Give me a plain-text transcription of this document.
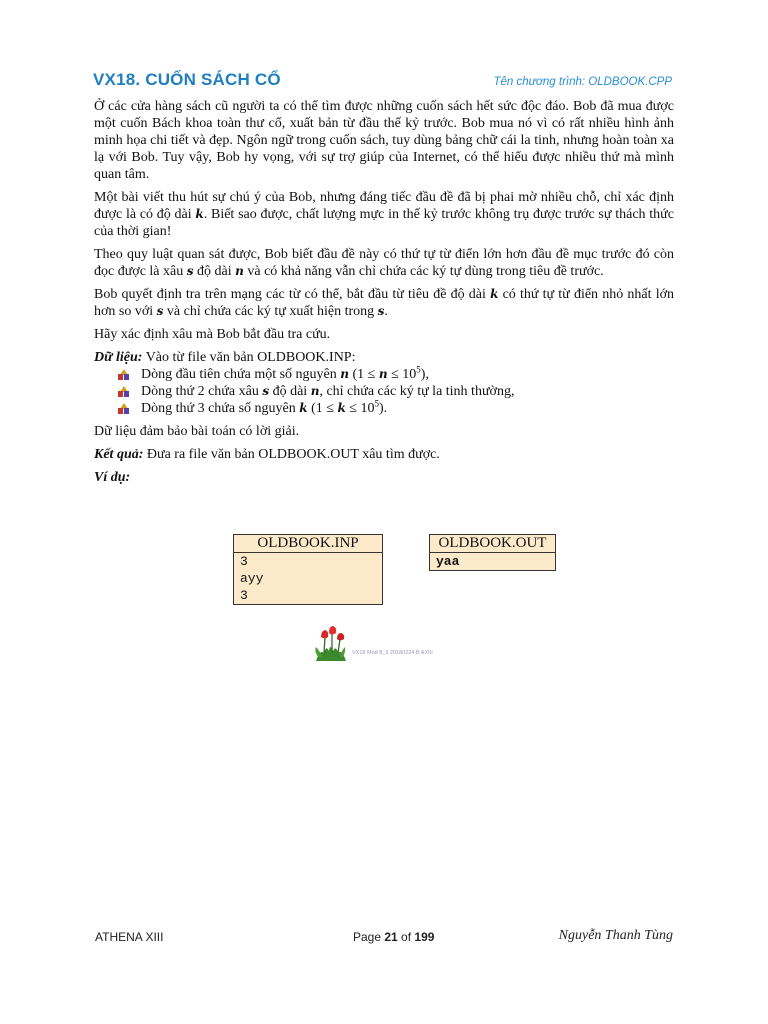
VX18. CUỐN SÁCH CỔ	Tên chương trình: OLDBOOK.CPP

Ở các cửa hàng sách cũ người ta có thể tìm được những cuốn sách hết sức độc đáo. Bob đã mua được một cuốn Bách khoa toàn thư cổ, xuất bản từ đầu thế kỷ trước. Bob mua nó vì có rất nhiều hình ảnh minh họa chi tiết và đẹp. Ngôn ngữ trong cuốn sách, tuy dùng bảng chữ cái la tinh, nhưng hoàn toàn xa lạ với Bob. Tuy vậy, Bob hy vọng, với sự trợ giúp của Internet, có thể hiểu được nhiều thứ mà mình quan tâm.

Một bài viết thu hút sự chú ý của Bob, nhưng đáng tiếc đầu đề đã bị phai mờ nhiều chỗ, chỉ xác định được là có độ dài k. Biết sao được, chất lượng mực in thế kỷ trước không trụ được trước sự thách thức của thời gian!

Theo quy luật quan sát được, Bob biết đầu đề này có thứ tự từ điển lớn hơn đầu đề mục trước đó còn đọc được là xâu s độ dài n và có khả năng vẫn chỉ chứa các ký tự dùng trong tiêu đề trước.

Bob quyết định tra trên mạng các từ có thể, bắt đầu từ tiêu đề độ dài k có thứ tự từ điển nhỏ nhất lớn hơn so với s và chỉ chứa các ký tự xuất hiện trong s.

Hãy xác định xâu mà Bob bắt đầu tra cứu.

Dữ liệu: Vào từ file văn bản OLDBOOK.INP:

Dòng đầu tiên chứa một số nguyên n $(1 \le n \le 10^5)$,
Dòng thứ 2 chứa xâu s độ dài n, chỉ chứa các ký tự la tinh thường,
Dòng thứ 3 chứa số nguyên k $(1 \le k \le 10^5)$.

Dữ liệu đảm bảo bài toán có lời giải.

Kết quả: Đưa ra file văn bản OLDBOOK.OUT xâu tìm được.

Ví dụ:

OLDBOOK.INP
3
ayy
3
OLDBOOK.OUT
yaa
VX18 Mod 8_9 20180224 B AXIII
ATHENA XIII	Page 21 of 199	Nguyễn Thanh Tùng
